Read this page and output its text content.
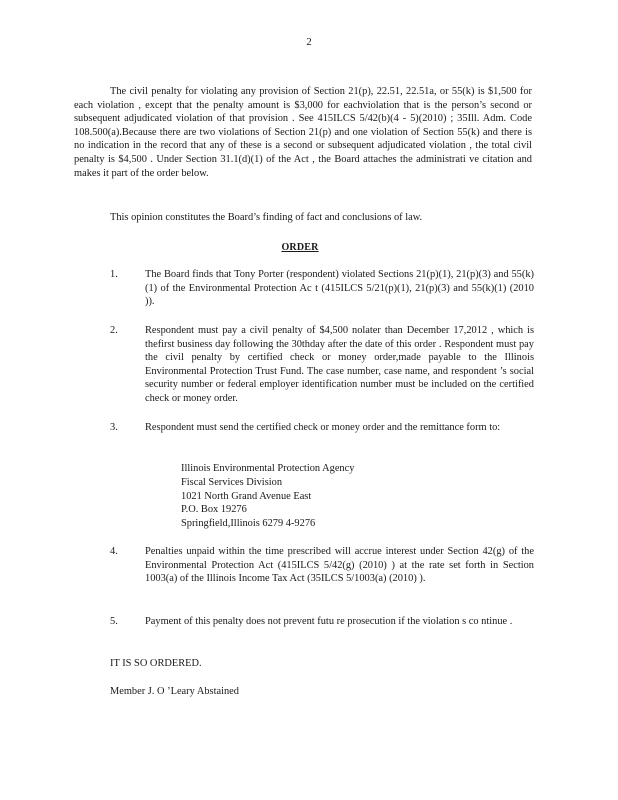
2

The civil penalty for violating any provision of Section 21(p), 22.51, 22.51a, or 55(k) is $1,500 for each violation , except that the penalty amount is $3,000 for eachviolation that is the person’s second or subsequent adjudicated violation of that provision . See 415ILCS 5/42(b)(4 - 5)(2010) ; 35Ill. Adm. Code 108.500(a).Because there are two violations of Section 21(p) and one violation of Section 55(k) and there is no indication in the record that any of these is a second or subsequent adjudicated violation , the total civil penalty is $4,500 . Under Section 31.1(d)(1) of the Act , the Board attaches the administrati ve citation and makes it part of the order below.

This opinion constitutes the Board’s finding of fact and conclusions of law.
ORDER
1.	The Board finds that Tony Porter (respondent) violated Sections 21(p)(1), 21(p)(3) and 55(k) (1) of the Environmental Protection Ac t (415ILCS 5/21(p)(1), 21(p)(3) and 55(k)(1) (2010 )).
2.	Respondent must pay a civil penalty of $4,500 nolater than December 17,2012 , which is thefirst business day following the 30thday after the date of this order . Respondent must pay the civil penalty by certified check or money order,made payable to the Illinois Environmental Protection Trust Fund. The case number, case name, and respondent ’s social security number or federal employer identification number must be included on the certified check or money order.
3.	Respondent must send the certified check or money order and the remittance form to:
Illinois Environmental Protection Agency
Fiscal Services Division
1021 North Grand Avenue East
P.O. Box 19276
Springfield,Illinois 6279 4-9276
4.	Penalties unpaid within the time prescribed will accrue interest under Section 42(g) of the Environmental Protection Act (415ILCS 5/42(g) (2010) ) at the rate set forth in Section 1003(a) of the Illinois Income Tax Act (35ILCS 5/1003(a) (2010) ).
5.	Payment of this penalty does not prevent futu re prosecution if the violation s co ntinue .
IT IS SO ORDERED.
Member J. O ’Leary Abstained
